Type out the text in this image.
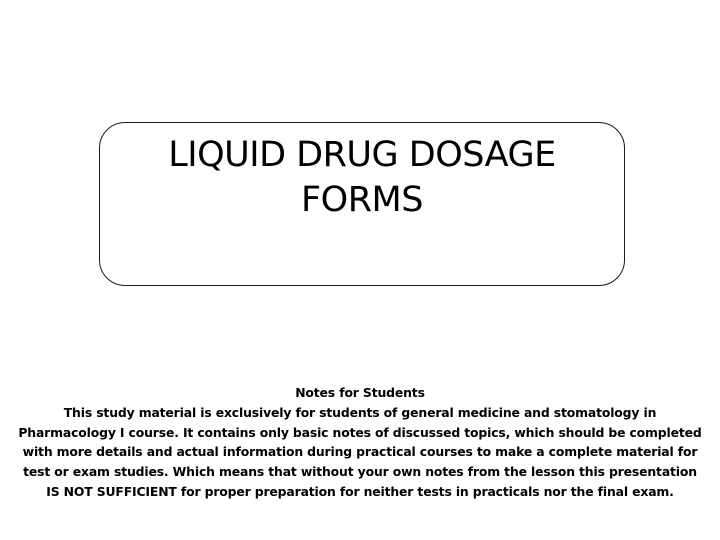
LIQUID DRUG DOSAGE
FORMS
Notes for Students
This study material is exclusively for students of general medicine and stomatology in
Pharmacology I course. It contains only basic notes of discussed topics, which should be completed
with more details and actual information during practical courses to make a complete material for
test or exam studies. Which means that without your own notes from the lesson this presentation
IS NOT SUFFICIENT for proper preparation for neither tests in practicals nor the final exam.
